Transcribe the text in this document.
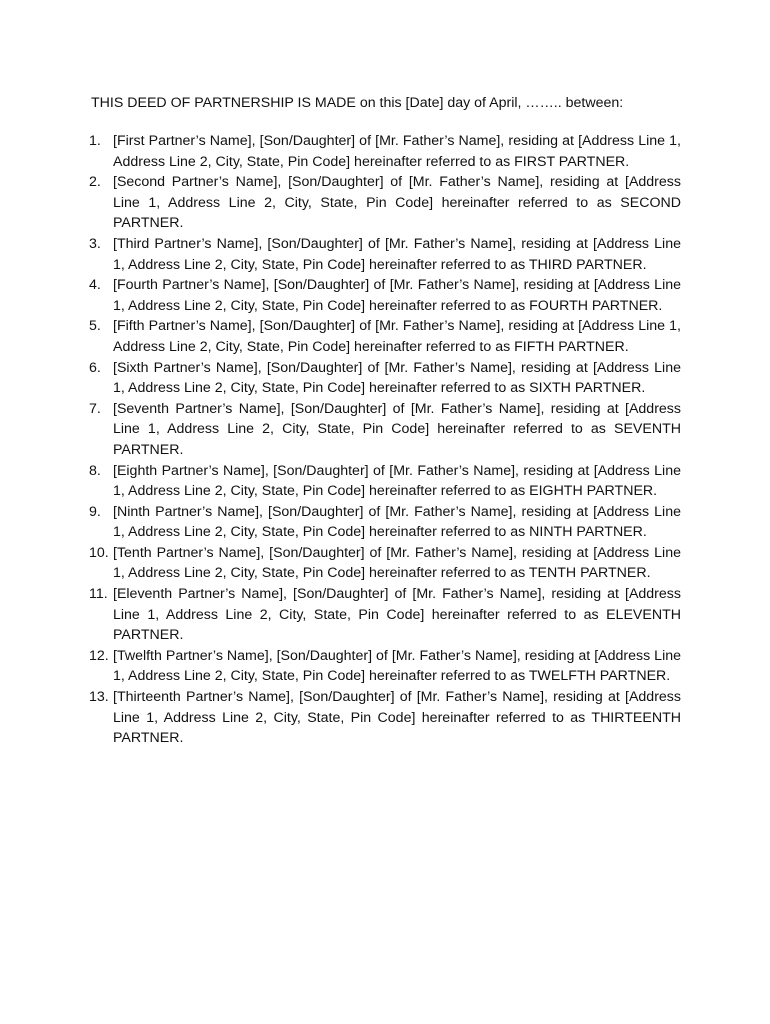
THIS DEED OF PARTNERSHIP IS MADE on this [Date] day of April, …….. between:
1. [First Partner’s Name], [Son/Daughter] of [Mr. Father’s Name], residing at [Address Line 1, Address Line 2, City, State, Pin Code] hereinafter referred to as FIRST PARTNER.
2. [Second Partner’s Name], [Son/Daughter] of [Mr. Father’s Name], residing at [Address Line 1, Address Line 2, City, State, Pin Code] hereinafter referred to as SECOND PARTNER.
3. [Third Partner’s Name], [Son/Daughter] of [Mr. Father’s Name], residing at [Address Line 1, Address Line 2, City, State, Pin Code] hereinafter referred to as THIRD PARTNER.
4. [Fourth Partner’s Name], [Son/Daughter] of [Mr. Father’s Name], residing at [Address Line 1, Address Line 2, City, State, Pin Code] hereinafter referred to as FOURTH PARTNER.
5. [Fifth Partner’s Name], [Son/Daughter] of [Mr. Father’s Name], residing at [Address Line 1, Address Line 2, City, State, Pin Code] hereinafter referred to as FIFTH PARTNER.
6. [Sixth Partner’s Name], [Son/Daughter] of [Mr. Father’s Name], residing at [Address Line 1, Address Line 2, City, State, Pin Code] hereinafter referred to as SIXTH PARTNER.
7. [Seventh Partner’s Name], [Son/Daughter] of [Mr. Father’s Name], residing at [Address Line 1, Address Line 2, City, State, Pin Code] hereinafter referred to as SEVENTH PARTNER.
8. [Eighth Partner’s Name], [Son/Daughter] of [Mr. Father’s Name], residing at [Address Line 1, Address Line 2, City, State, Pin Code] hereinafter referred to as EIGHTH PARTNER.
9. [Ninth Partner’s Name], [Son/Daughter] of [Mr. Father’s Name], residing at [Address Line 1, Address Line 2, City, State, Pin Code] hereinafter referred to as NINTH PARTNER.
10. [Tenth Partner’s Name], [Son/Daughter] of [Mr. Father’s Name], residing at [Address Line 1, Address Line 2, City, State, Pin Code] hereinafter referred to as TENTH PARTNER.
11. [Eleventh Partner’s Name], [Son/Daughter] of [Mr. Father’s Name], residing at [Address Line 1, Address Line 2, City, State, Pin Code] hereinafter referred to as ELEVENTH PARTNER.
12. [Twelfth Partner’s Name], [Son/Daughter] of [Mr. Father’s Name], residing at [Address Line 1, Address Line 2, City, State, Pin Code] hereinafter referred to as TWELFTH PARTNER.
13. [Thirteenth Partner’s Name], [Son/Daughter] of [Mr. Father’s Name], residing at [Address Line 1, Address Line 2, City, State, Pin Code] hereinafter referred to as THIRTEENTH PARTNER.
